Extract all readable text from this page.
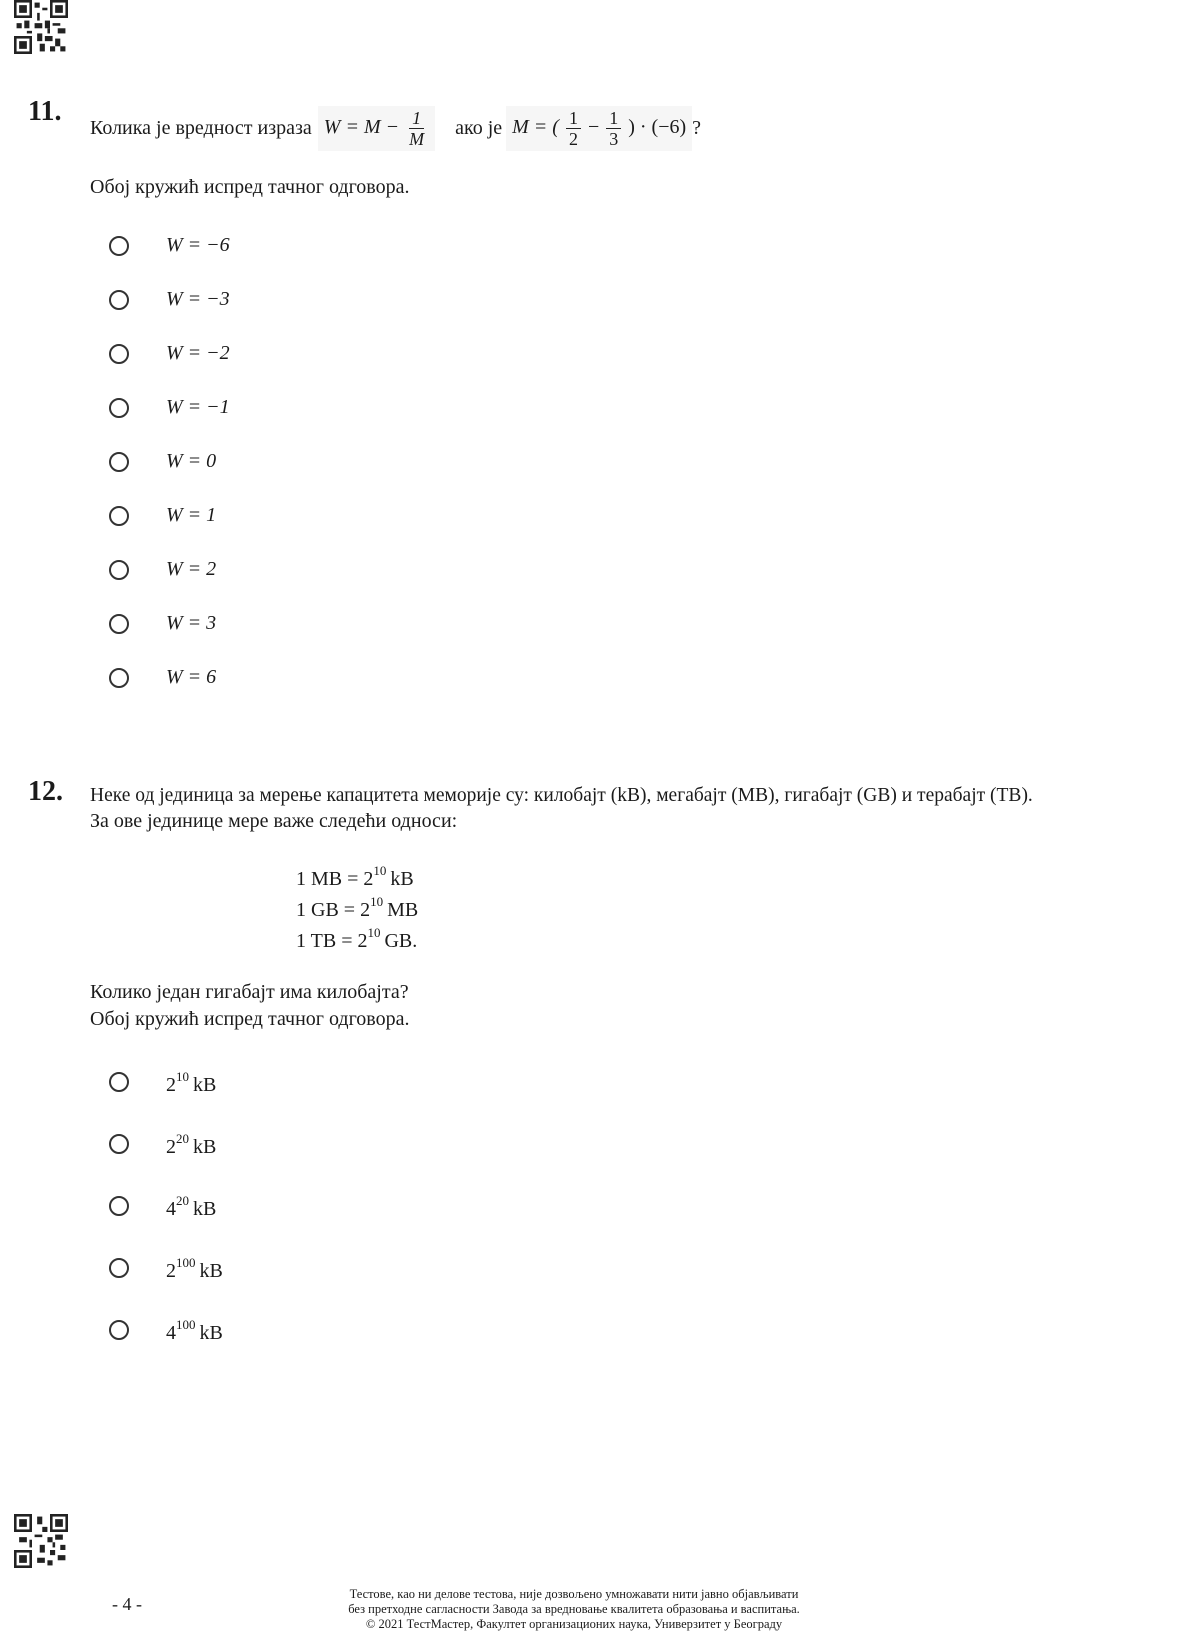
11.
Колика је вредност израза $W = M - \frac{1}{M}$ ако је M = ( $\frac{1}{2} - \frac{1}{3}$ ) · (−6) ?
Обој кружић испред тачног одговора.
W = −6
W = −3
W = −2
W = −1
W = 0
W = 1
W = 2
W = 3
W = 6
12. Неке од јединица за мерење капацитета меморије су: килобајт (kB), мегабајт (MB), гигабајт (GB) и терабајт (TB).
За ове јединице мере важе следећи односи:
1 MB = $2^{10}$ kB
1 GB = $2^{10}$ MB
1 TB = $2^{10}$ GB.
Колико један гигабајт има килобајта?
Обој кружић испред тачног одговора.
$2^{10}$ kB
$2^{20}$ kB
$4^{20}$ kB
$2^{100}$ kB
$4^{100}$ kB
- 4 -	Тестове, као ни делове тестова, није дозвољено умножавати нити јавно објављивати
без претходне сагласности Завода за вредновање квалитета образовања и васпитања.
© 2021 ТестМастер, Факултет организационих наука, Универзитет у Београду
